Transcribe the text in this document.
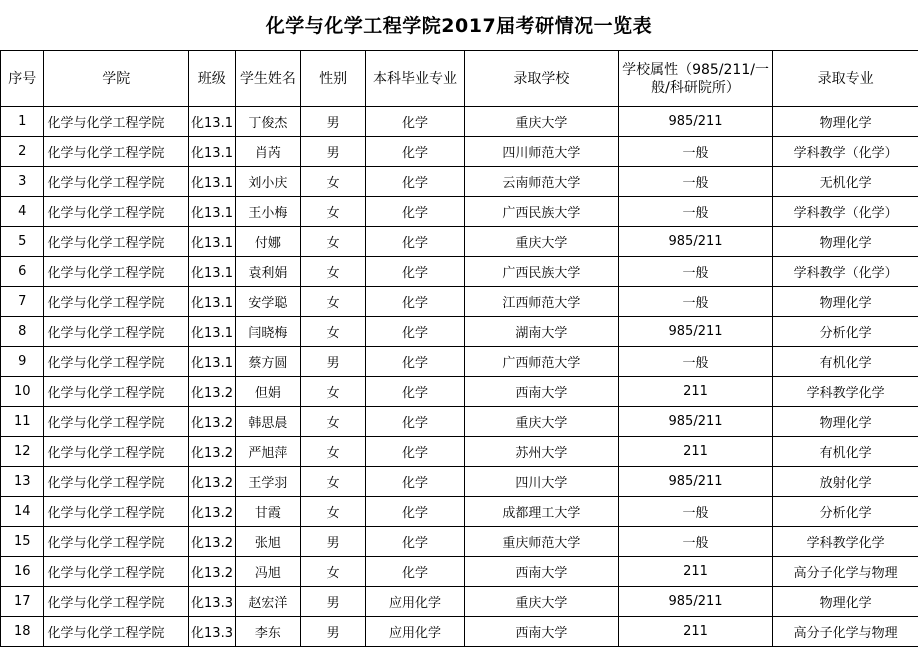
化学与化学工程学院2017届考研情况一览表
序号	学院	班级	学生姓名	性别	本科毕业专业	录取学校	学校属性（985/211/一般/科研院所）	录取专业
1	化学与化学工程学院	化13.1	丁俊杰	男	化学	重庆大学	985/211	物理化学
2	化学与化学工程学院	化13.1	肖芮	男	化学	四川师范大学	一般	学科教学（化学）
3	化学与化学工程学院	化13.1	刘小庆	女	化学	云南师范大学	一般	无机化学
4	化学与化学工程学院	化13.1	王小梅	女	化学	广西民族大学	一般	学科教学（化学）
5	化学与化学工程学院	化13.1	付娜	女	化学	重庆大学	985/211	物理化学
6	化学与化学工程学院	化13.1	袁利娟	女	化学	广西民族大学	一般	学科教学（化学）
7	化学与化学工程学院	化13.1	安学聪	女	化学	江西师范大学	一般	物理化学
8	化学与化学工程学院	化13.1	闫晓梅	女	化学	湖南大学	985/211	分析化学
9	化学与化学工程学院	化13.1	蔡方圆	男	化学	广西师范大学	一般	有机化学
10	化学与化学工程学院	化13.2	但娟	女	化学	西南大学	211	学科教学化学
11	化学与化学工程学院	化13.2	韩思晨	女	化学	重庆大学	985/211	物理化学
12	化学与化学工程学院	化13.2	严旭萍	女	化学	苏州大学	211	有机化学
13	化学与化学工程学院	化13.2	王学羽	女	化学	四川大学	985/211	放射化学
14	化学与化学工程学院	化13.2	甘霞	女	化学	成都理工大学	一般	分析化学
15	化学与化学工程学院	化13.2	张旭	男	化学	重庆师范大学	一般	学科教学化学
16	化学与化学工程学院	化13.2	冯旭	女	化学	西南大学	211	高分子化学与物理
17	化学与化学工程学院	化13.3	赵宏洋	男	应用化学	重庆大学	985/211	物理化学
18	化学与化学工程学院	化13.3	李东	男	应用化学	西南大学	211	高分子化学与物理
